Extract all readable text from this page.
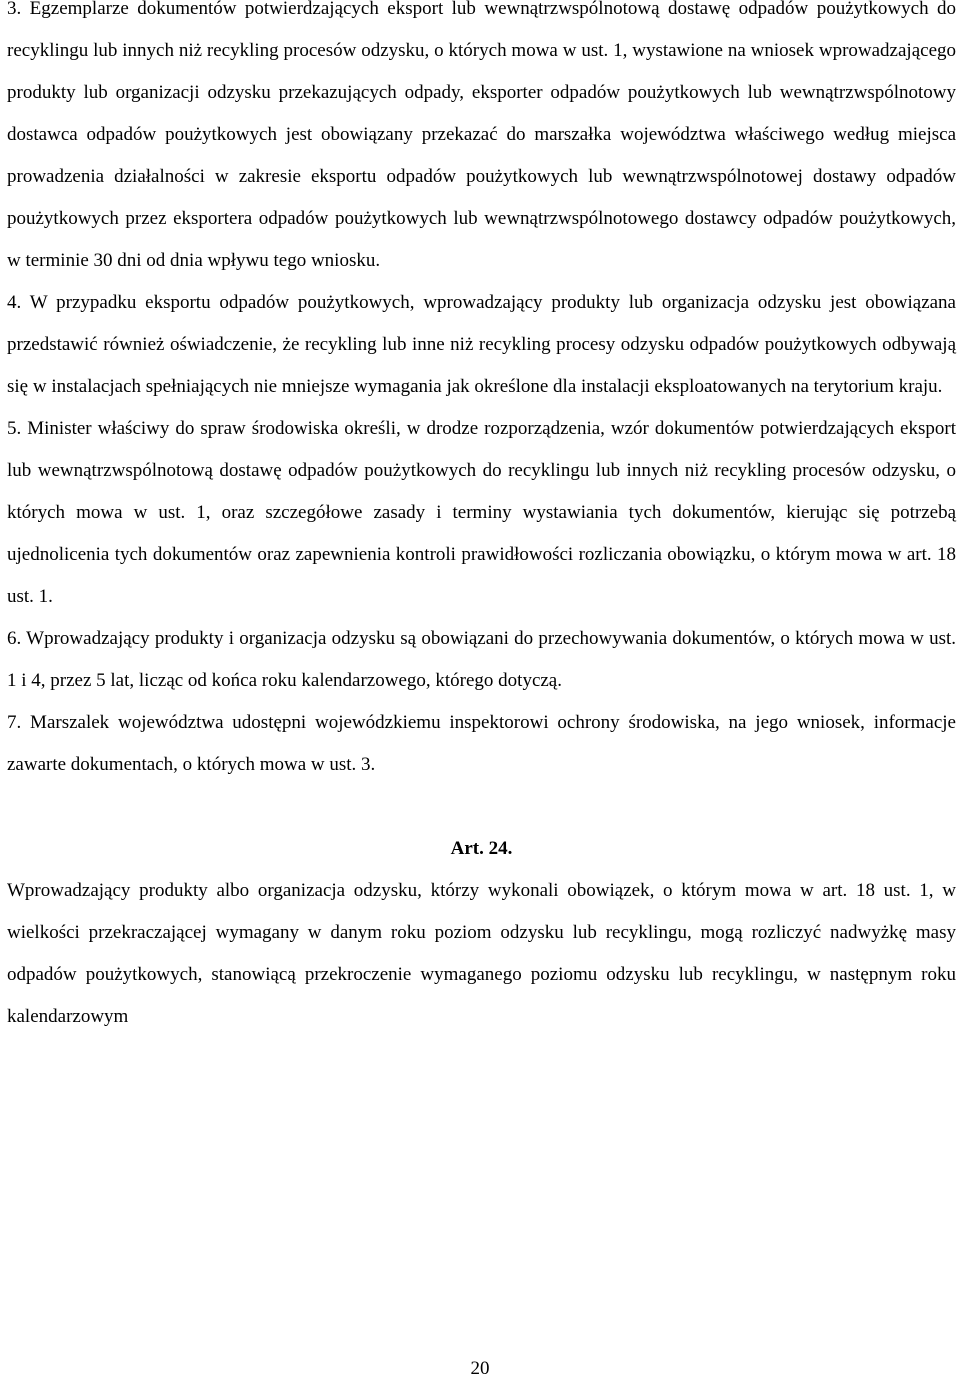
3. Egzemplarze dokumentów potwierdzających eksport lub wewnątrzwspólnotową dostawę odpadów poużytkowych do recyklingu lub innych niż recykling procesów odzysku, o których mowa w ust. 1, wystawione na wniosek wprowadzającego produkty lub organizacji odzysku przekazujących odpady, eksporter odpadów poużytkowych lub wewnątrzwspólnotowy dostawca odpadów poużytkowych jest obowiązany przekazać do marszałka województwa właściwego według miejsca prowadzenia działalności w zakresie eksportu odpadów poużytkowych lub wewnątrzwspólnotowej dostawy odpadów poużytkowych przez eksportera odpadów poużytkowych lub wewnątrzwspólnotowego dostawcy odpadów poużytkowych, w terminie 30 dni od dnia wpływu tego wniosku.

4. W przypadku eksportu odpadów poużytkowych, wprowadzający produkty lub organizacja odzysku jest obowiązana przedstawić również oświadczenie, że recykling lub inne niż recykling procesy odzysku odpadów poużytkowych odbywają się w instalacjach spełniających nie mniejsze wymagania jak określone dla instalacji eksploatowanych na terytorium kraju.

5. Minister właściwy do spraw środowiska określi, w drodze rozporządzenia, wzór dokumentów potwierdzających eksport lub wewnątrzwspólnotową dostawę odpadów poużytkowych do recyklingu lub innych niż recykling procesów odzysku, o których mowa w ust. 1, oraz szczegółowe zasady i terminy wystawiania tych dokumentów, kierując się potrzebą ujednolicenia tych dokumentów oraz zapewnienia kontroli prawidłowości rozliczania obowiązku, o którym mowa w art. 18 ust. 1.

6. Wprowadzający produkty i organizacja odzysku są obowiązani do przechowywania dokumentów, o których mowa w ust. 1 i 4, przez 5 lat, licząc od końca roku kalendarzowego, którego dotyczą.

7. Marszalek województwa udostępni wojewódzkiemu inspektorowi ochrony środowiska, na jego wniosek, informacje zawarte dokumentach, o których mowa w ust. 3.

Art. 24.

Wprowadzający produkty albo organizacja odzysku, którzy wykonali obowiązek, o którym mowa w art. 18 ust. 1, w wielkości przekraczającej wymagany w danym roku poziom odzysku lub recyklingu, mogą rozliczyć nadwyżkę masy odpadów poużytkowych, stanowiącą przekroczenie wymaganego poziomu odzysku lub recyklingu, w następnym roku kalendarzowym

20
